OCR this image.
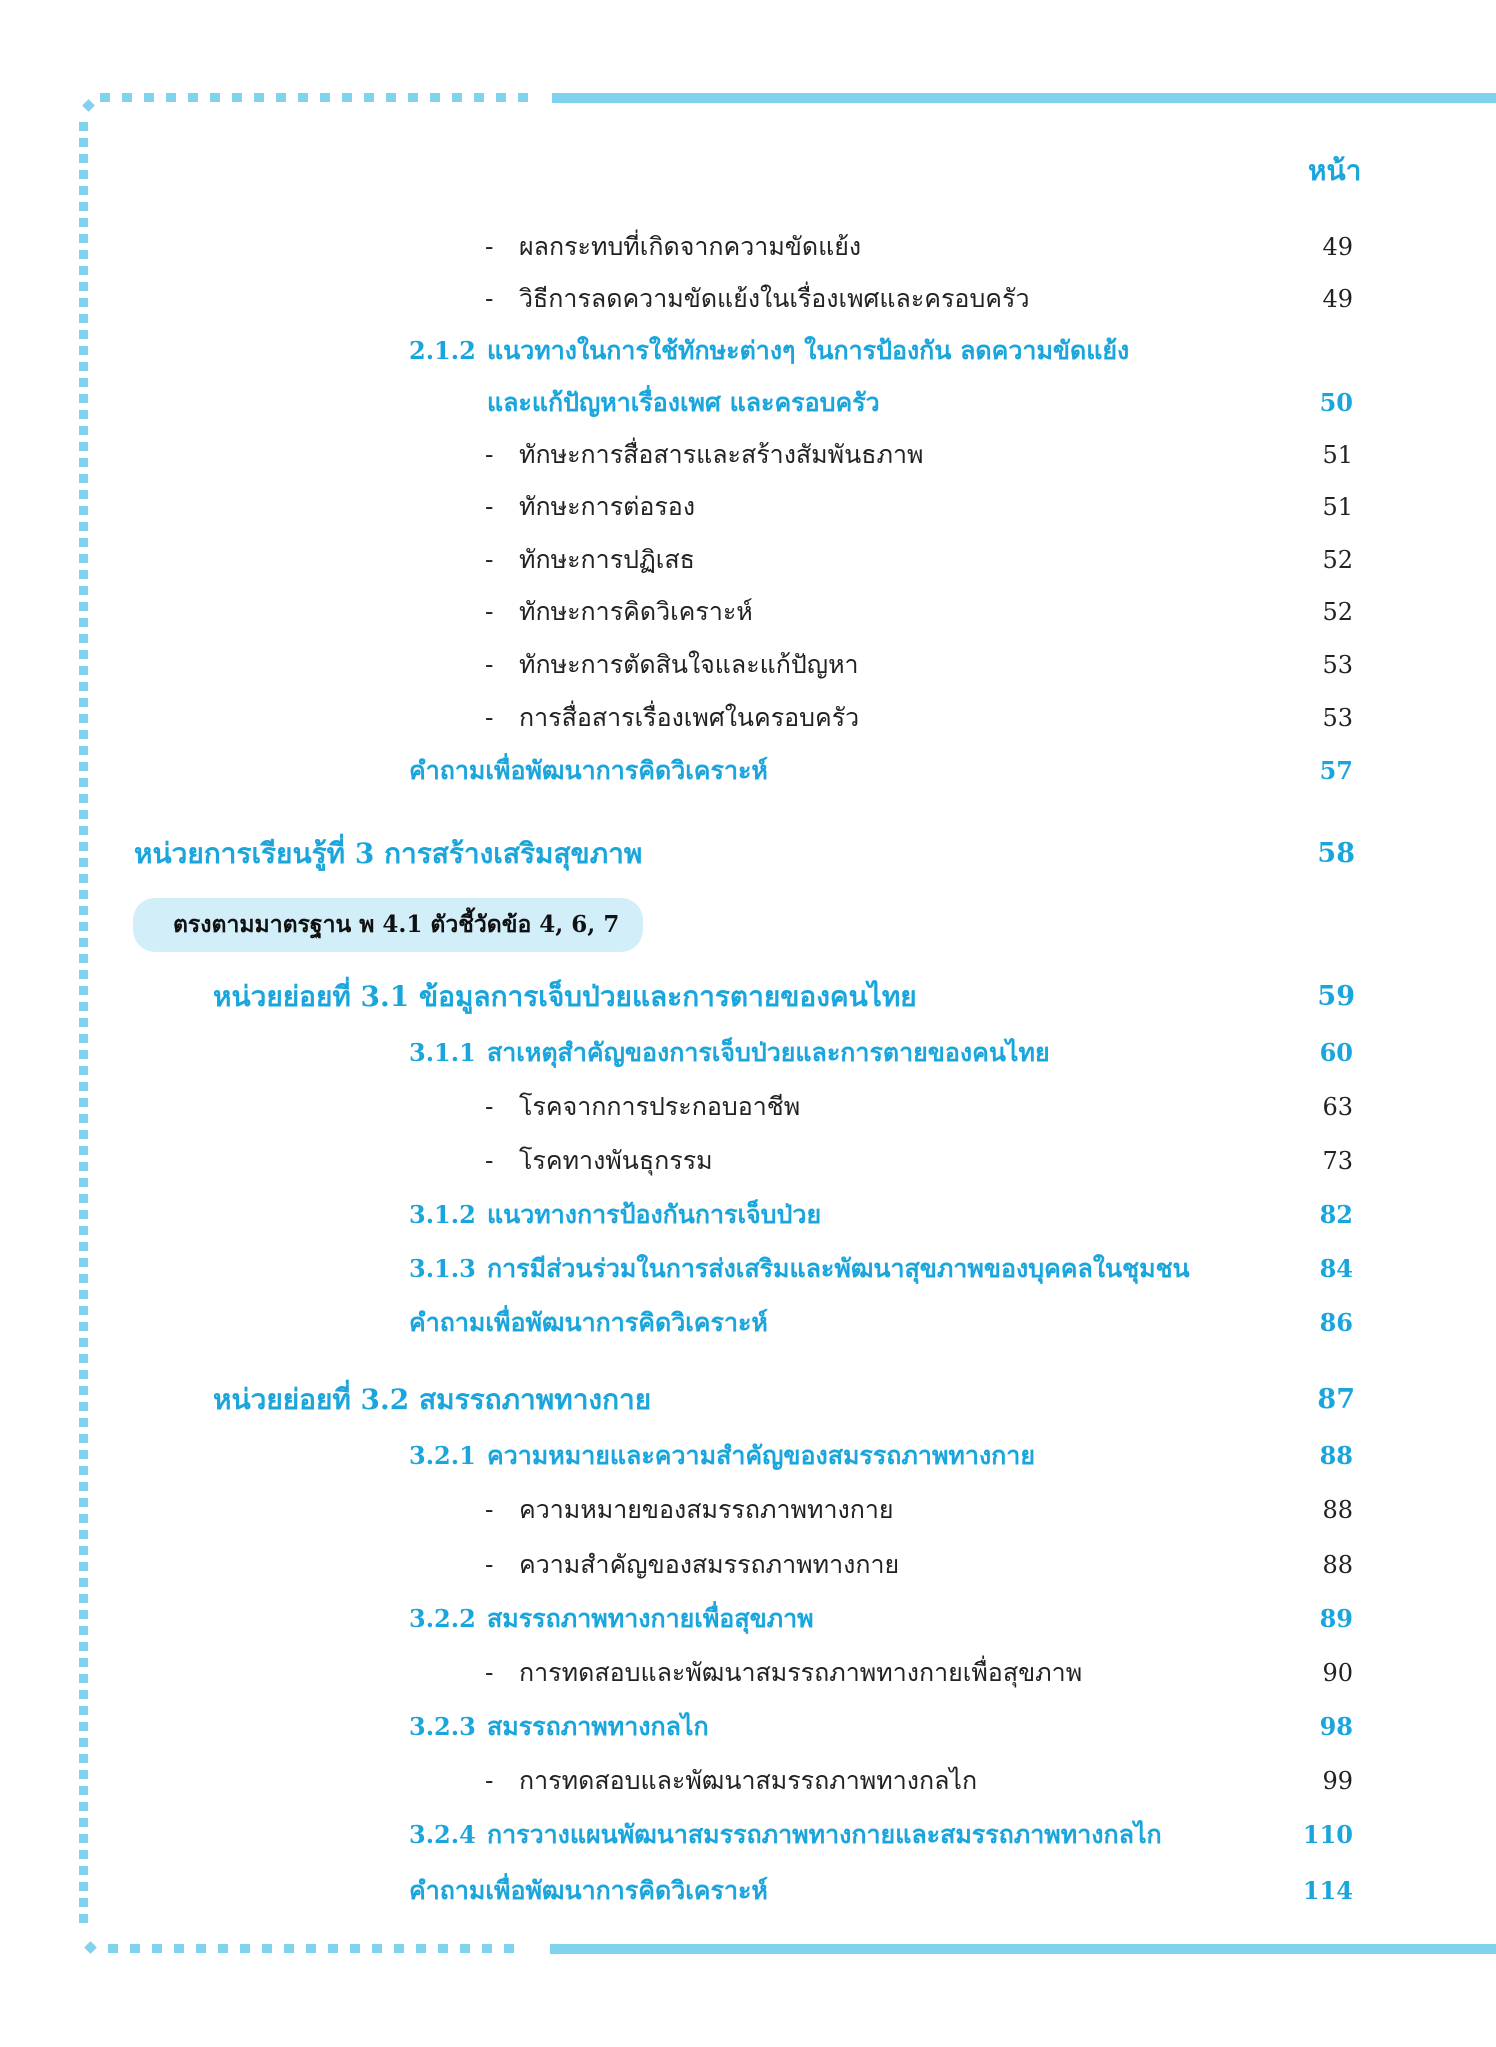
หน้า
ตรงตามมาตรฐาน พ 4.1 ตัวชี้วัดข้อ 4, 6, 7
- ผลกระทบที่เกิดจากความขัดแย้ง	49
- วิธีการลดความขัดแย้งในเรื่องเพศและครอบครัว	49
2.1.2 แนวทางในการใช้ทักษะต่างๆ ในการป้องกัน ลดความขัดแย้ง
และแก้ปัญหาเรื่องเพศ และครอบครัว	50
- ทักษะการสื่อสารและสร้างสัมพันธภาพ	51
- ทักษะการต่อรอง	51
- ทักษะการปฏิเสธ	52
- ทักษะการคิดวิเคราะห์	52
- ทักษะการตัดสินใจและแก้ปัญหา	53
- การสื่อสารเรื่องเพศในครอบครัว	53
คำถามเพื่อพัฒนาการคิดวิเคราะห์	57
หน่วยการเรียนรู้ที่ 3 การสร้างเสริมสุขภาพ	58
หน่วยย่อยที่ 3.1 ข้อมูลการเจ็บป่วยและการตายของคนไทย	59
3.1.1 สาเหตุสำคัญของการเจ็บป่วยและการตายของคนไทย	60
- โรคจากการประกอบอาชีพ	63
- โรคทางพันธุกรรม	73
3.1.2 แนวทางการป้องกันการเจ็บป่วย	82
3.1.3 การมีส่วนร่วมในการส่งเสริมและพัฒนาสุขภาพของบุคคลในชุมชน	84
คำถามเพื่อพัฒนาการคิดวิเคราะห์	86
หน่วยย่อยที่ 3.2 สมรรถภาพทางกาย	87
3.2.1 ความหมายและความสำคัญของสมรรถภาพทางกาย	88
- ความหมายของสมรรถภาพทางกาย	88
- ความสำคัญของสมรรถภาพทางกาย	88
3.2.2 สมรรถภาพทางกายเพื่อสุขภาพ	89
- การทดสอบและพัฒนาสมรรถภาพทางกายเพื่อสุขภาพ	90
3.2.3 สมรรถภาพทางกลไก	98
- การทดสอบและพัฒนาสมรรถภาพทางกลไก	99
3.2.4 การวางแผนพัฒนาสมรรถภาพทางกายและสมรรถภาพทางกลไก	110
คำถามเพื่อพัฒนาการคิดวิเคราะห์	114
